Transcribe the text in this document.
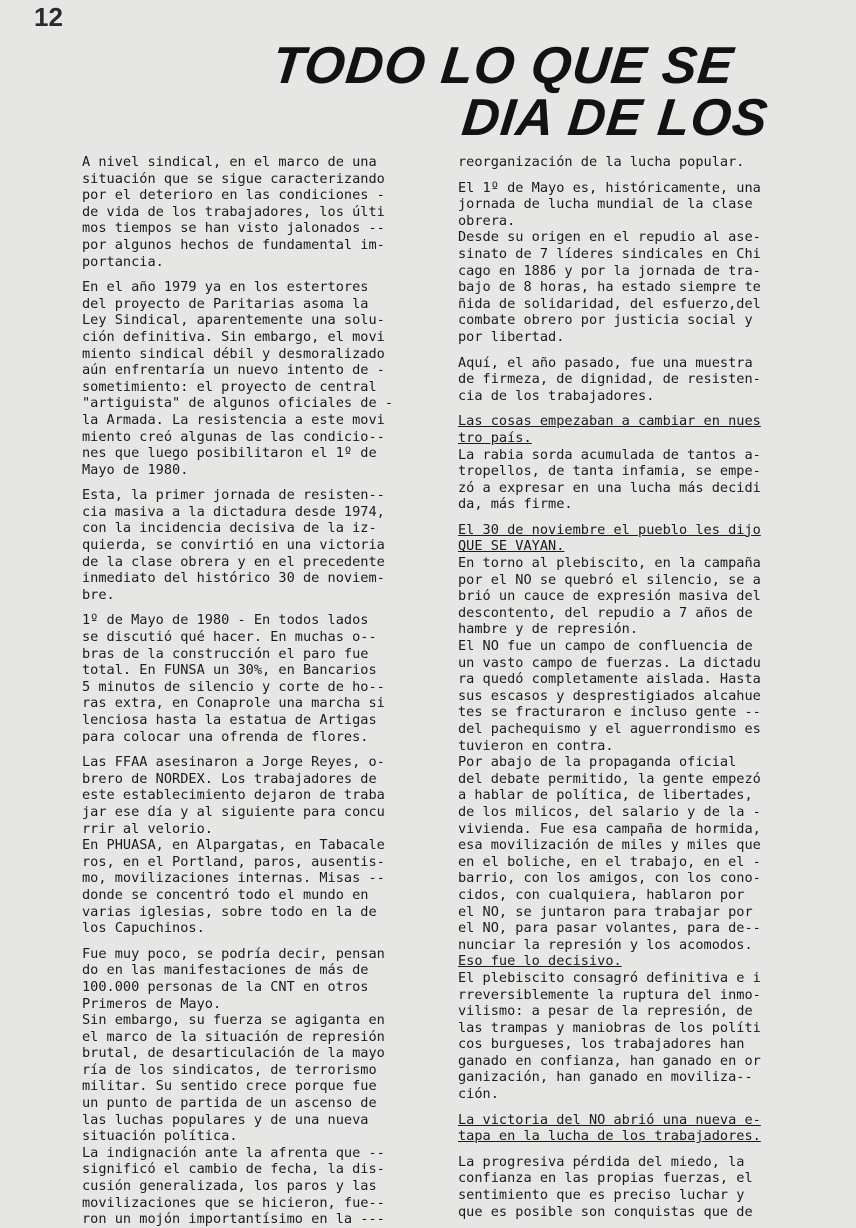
12
TODO LO QUE SE
DIA DE LOS

A nivel sindical, en el marco de una
situación que se sigue caracterizando
por el deterioro en las condiciones -
de vida de los trabajadores, los últi
mos tiempos se han visto jalonados --
por algunos hechos de fundamental im-
portancia.

En el año 1979 ya en los estertores
del proyecto de Paritarias asoma la
Ley Sindical, aparentemente una solu-
ción definitiva. Sin embargo, el movi
miento sindical débil y desmoralizado
aún enfrentaría un nuevo intento de -
sometimiento: el proyecto de central
"artiguista" de algunos oficiales de -
la Armada. La resistencia a este movi
miento creó algunas de las condicio--
nes que luego posibilitaron el 1º de
Mayo de 1980.

Esta, la primer jornada de resisten--
cia masiva a la dictadura desde 1974,
con la incidencia decisiva de la iz-
quierda, se convirtió en una victoria
de la clase obrera y en el precedente
inmediato del histórico 30 de noviem-
bre.

1º de Mayo de 1980 - En todos lados
se discutió qué hacer. En muchas o--
bras de la construcción el paro fue
total. En FUNSA un 30%, en Bancarios
5 minutos de silencio y corte de ho--
ras extra, en Conaprole una marcha si
lenciosa hasta la estatua de Artigas
para colocar una ofrenda de flores.

Las FFAA asesinaron a Jorge Reyes, o-
brero de NORDEX. Los trabajadores de
este establecimiento dejaron de traba
jar ese día y al siguiente para concu
rrir al velorio.
En PHUASA, en Alpargatas, en Tabacale
ros, en el Portland, paros, ausentis-
mo, movilizaciones internas. Misas --
donde se concentró todo el mundo en
varias iglesias, sobre todo en la de
los Capuchinos.

Fue muy poco, se podría decir, pensan
do en las manifestaciones de más de
100.000 personas de la CNT en otros
Primeros de Mayo.
Sin embargo, su fuerza se agiganta en
el marco de la situación de represión
brutal, de desarticulación de la mayo
ría de los sindicatos, de terrorismo
militar. Su sentido crece porque fue
un punto de partida de un ascenso de
las luchas populares y de una nueva
situación política.
La indignación ante la afrenta que --
significó el cambio de fecha, la dis-
cusión generalizada, los paros y las
movilizaciones que se hicieron, fue--
ron un mojón importantísimo en la ---

reorganización de la lucha popular.

El 1º de Mayo es, históricamente, una
jornada de lucha mundial de la clase
obrera.
Desde su origen en el repudio al ase-
sinato de 7 líderes sindicales en Chi
cago en 1886 y por la jornada de tra-
bajo de 8 horas, ha estado siempre te
ñida de solidaridad, del esfuerzo,del
combate obrero por justicia social y
por libertad.

Aquí, el año pasado, fue una muestra
de firmeza, de dignidad, de resisten-
cia de los trabajadores.

Las cosas empezaban a cambiar en nues
tro país.

La rabia sorda acumulada de tantos a-
tropellos, de tanta infamia, se empe-
zó a expresar en una lucha más decidi
da, más firme.

El 30 de noviembre el pueblo les dijo
QUE SE VAYAN.

En torno al plebiscito, en la campaña
por el NO se quebró el silencio, se a
brió un cauce de expresión masiva del
descontento, del repudio a 7 años de
hambre y de represión.
El NO fue un campo de confluencia de
un vasto campo de fuerzas. La dictadu
ra quedó completamente aislada. Hasta
sus escasos y desprestigiados alcahue
tes se fracturaron e incluso gente --
del pachequismo y el aguerrondismo es
tuvieron en contra.
Por abajo de la propaganda oficial
del debate permitido, la gente empezó
a hablar de política, de libertades,
de los milicos, del salario y de la -
vivienda. Fue esa campaña de hormida,
esa movilización de miles y miles que
en el boliche, en el trabajo, en el -
barrio, con los amigos, con los cono-
cidos, con cualquiera, hablaron por
el NO, se juntaron para trabajar por
el NO, para pasar volantes, para de--
nunciar la represión y los acomodos.

Eso fue lo decisivo.

El plebiscito consagró definitiva e i
rreversiblemente la ruptura del inmo-
vilismo: a pesar de la represión, de
las trampas y maniobras de los políti
cos burgueses, los trabajadores han
ganado en confianza, han ganado en or
ganización, han ganado en moviliza--
ción.

La victoria del NO abrió una nueva e-
tapa en la lucha de los trabajadores.

La progresiva pérdida del miedo, la
confianza en las propias fuerzas, el
sentimiento que es preciso luchar y
que es posible son conquistas que de
